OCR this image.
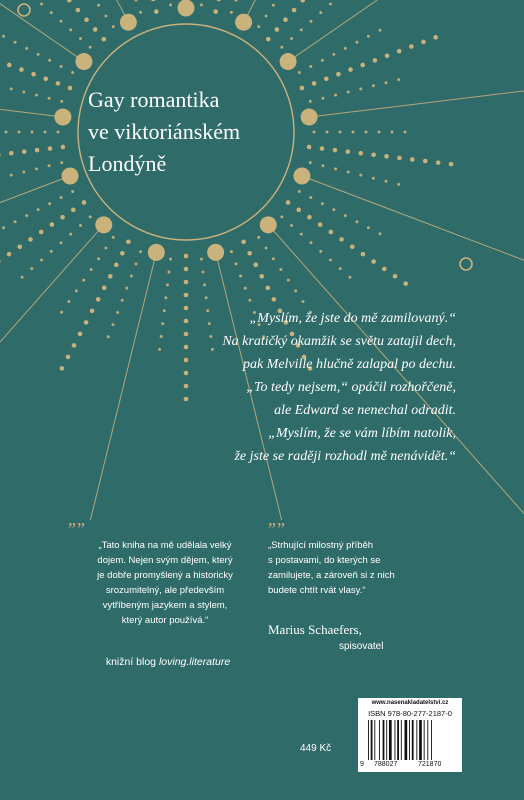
Gay romantika
ve viktoriánském
Londýně

„Myslím, že jste do mě zamilovaný.“
Na kratičký okamžik se světu zatajil dech,
pak Melville hlučně zalapal po dechu.
„To tedy nejsem,“ opáčil rozhořčeně,
ale Edward se nenechal odradit.
„Myslím, že se vám líbím natolik,
že jste se raději rozhodl mě nenávidět.“

„„	„„

„Tato kniha na mě udělala velký
dojem. Nejen svým dějem, který
je dobře promyšlený a historicky
srozumitelný, ale především
vytříbeným jazykem a stylem,
který autor používá.“

knižní blog loving.literature

„Strhující milostný příběh
s postavami, do kterých se
zamilujete, a zároveň si z nich
budete chtít rvát vlasy.“

Marius Schaefers,
spisovatel
449 Kč
www.nasenakladatelstvi.cz
ISBN 978-80-277-2187-0
9 788027	721870
